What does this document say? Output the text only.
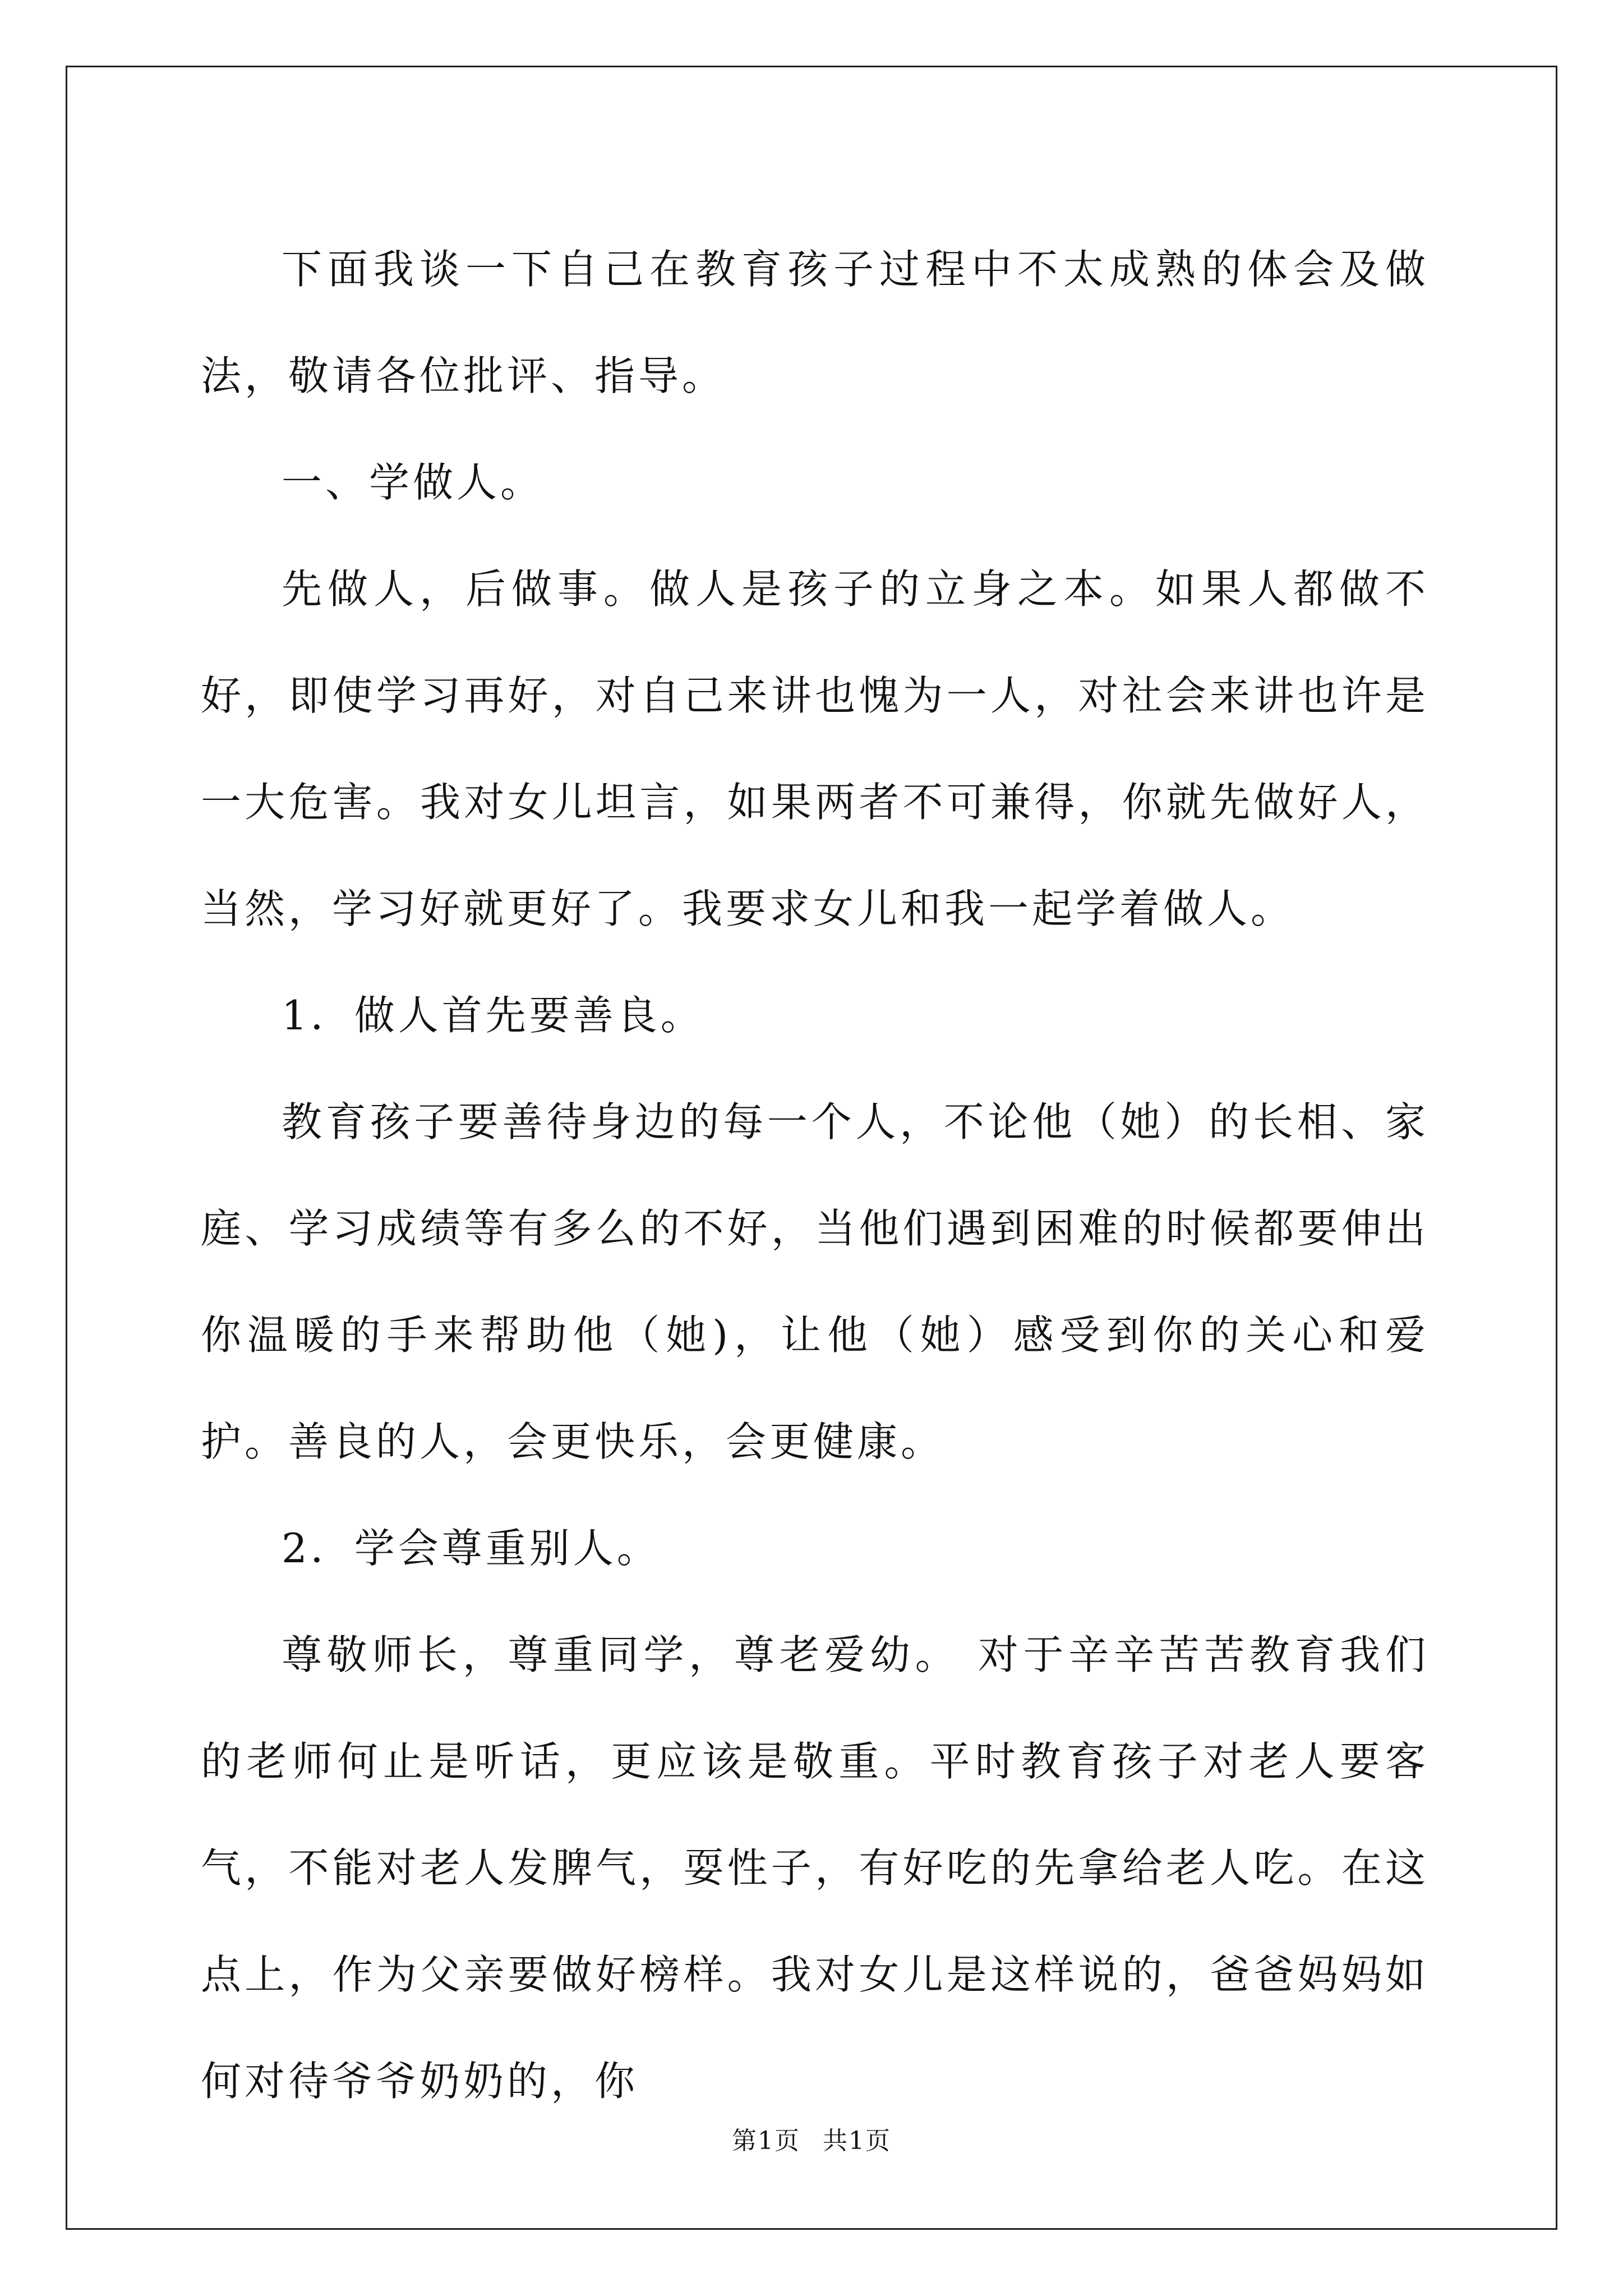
下面我谈一下自己在教育孩子过程中不太成熟的体会及做法，敬请各位批评、指导。

一、学做人。

先做人，后做事。做人是孩子的立身之本。如果人都做不好，即使学习再好，对自己来讲也愧为一人，对社会来讲也许是一大危害。我对女儿坦言，如果两者不可兼得，你就先做好人，当然，学习好就更好了。我要求女儿和我一起学着做人。

1．做人首先要善良。

教育孩子要善待身边的每一个人，不论他（她）的长相、家庭、学习成绩等有多么的不好，当他们遇到困难的时候都要伸出你温暖的手来帮助他（她)，让他（她）感受到你的关心和爱护。善良的人，会更快乐，会更健康。

2．学会尊重别人。

尊敬师长，尊重同学，尊老爱幼。 对于辛辛苦苦教育我们的老师何止是听话，更应该是敬重。平时教育孩子对老人要客气，不能对老人发脾气，耍性子，有好吃的先拿给老人吃。在这点上，作为父亲要做好榜样。我对女儿是这样说的，爸爸妈妈如何对待爷爷奶奶的，你

第1页 共1页
